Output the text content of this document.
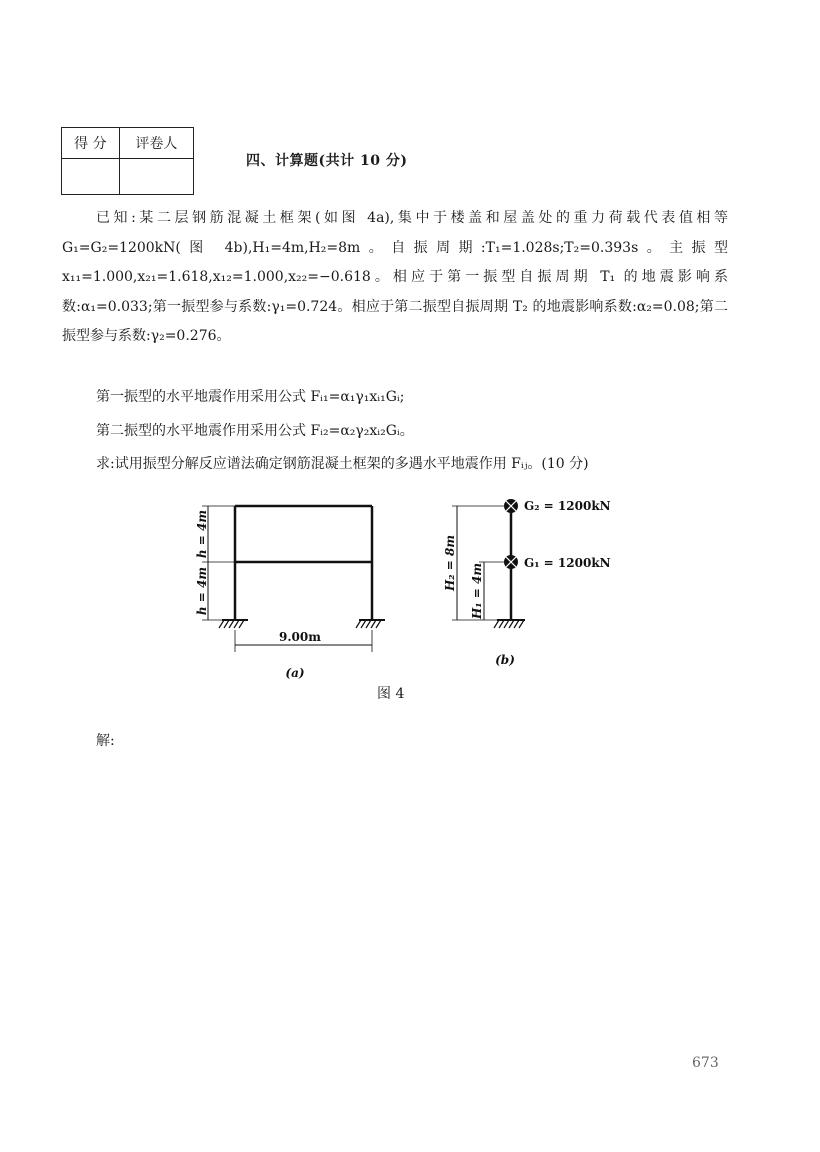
得 分	评卷人

四、计算题(共计 10 分)
已知:某二层钢筋混凝土框架(如图 4a),集中于楼盖和屋盖处的重力荷载代表值相等 G₁=G₂=1200kN(图 4b),H₁=4m,H₂=8m。自振周期:T₁=1.028s;T₂=0.393s。主振型 x₁₁=1.000,x₂₁=1.618,x₁₂=1.000,x₂₂=−0.618。相应于第一振型自振周期 T₁ 的地震影响系数:α₁=0.033;第一振型参与系数:γ₁=0.724。相应于第二振型自振周期 T₂ 的地震影响系数:α₂=0.08;第二振型参与系数:γ₂=0.276。
第一振型的水平地震作用采用公式 Fᵢ₁=α₁γ₁xᵢ₁Gᵢ;
第二振型的水平地震作用采用公式 Fᵢ₂=α₂γ₂xᵢ₂Gᵢ。
求:试用振型分解反应谱法确定钢筋混凝土框架的多遇水平地震作用 Fᵢⱼ。(10 分)
h = 4m
h = 4m
9.00m
(a)
G₂ = 1200kN
G₁ = 1200kN
H₂ = 8m H₁ = 4m
(b)
图 4
解:
673
